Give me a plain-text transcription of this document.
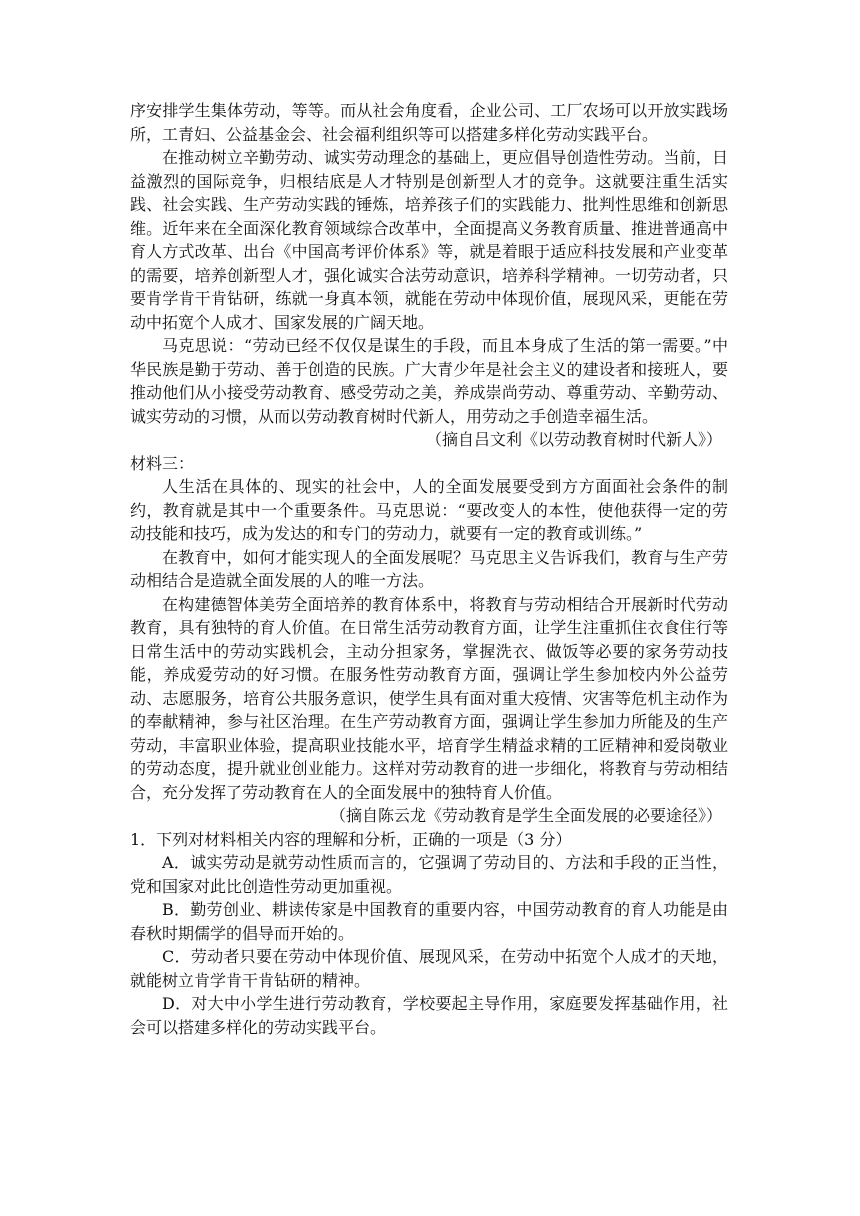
序安排学生集体劳动，等等。而从社会角度看，企业公司、工厂农场可以开放实践场所，工青妇、公益基金会、社会福利组织等可以搭建多样化劳动实践平台。

在推动树立辛勤劳动、诚实劳动理念的基础上，更应倡导创造性劳动。当前，日益激烈的国际竞争，归根结底是人才特别是创新型人才的竞争。这就要注重生活实践、社会实践、生产劳动实践的锤炼，培养孩子们的实践能力、批判性思维和创新思维。近年来在全面深化教育领域综合改革中，全面提高义务教育质量、推进普通高中育人方式改革、出台《中国高考评价体系》等，就是着眼于适应科技发展和产业变革的需要，培养创新型人才，强化诚实合法劳动意识，培养科学精神。一切劳动者，只要肯学肯干肯钻研，练就一身真本领，就能在劳动中体现价值，展现风采，更能在劳动中拓宽个人成才、国家发展的广阔天地。

马克思说：“劳动已经不仅仅是谋生的手段，而且本身成了生活的第一需要。”中华民族是勤于劳动、善于创造的民族。广大青少年是社会主义的建设者和接班人，要推动他们从小接受劳动教育、感受劳动之美，养成崇尚劳动、尊重劳动、辛勤劳动、诚实劳动的习惯，从而以劳动教育树时代新人，用劳动之手创造幸福生活。

（摘自吕文利《以劳动教育树时代新人》）

材料三：

人生活在具体的、现实的社会中，人的全面发展要受到方方面面社会条件的制约，教育就是其中一个重要条件。马克思说：“要改变人的本性，使他获得一定的劳动技能和技巧，成为发达的和专门的劳动力，就要有一定的教育或训练。”

在教育中，如何才能实现人的全面发展呢？马克思主义告诉我们，教育与生产劳动相结合是造就全面发展的人的唯一方法。

在构建德智体美劳全面培养的教育体系中，将教育与劳动相结合开展新时代劳动教育，具有独特的育人价值。在日常生活劳动教育方面，让学生注重抓住衣食住行等日常生活中的劳动实践机会，主动分担家务，掌握洗衣、做饭等必要的家务劳动技能，养成爱劳动的好习惯。在服务性劳动教育方面，强调让学生参加校内外公益劳动、志愿服务，培育公共服务意识，使学生具有面对重大疫情、灾害等危机主动作为的奉献精神，参与社区治理。在生产劳动教育方面，强调让学生参加力所能及的生产劳动，丰富职业体验，提高职业技能水平，培育学生精益求精的工匠精神和爱岗敬业的劳动态度，提升就业创业能力。这样对劳动教育的进一步细化，将教育与劳动相结合，充分发挥了劳动教育在人的全面发展中的独特育人价值。

（摘自陈云龙《劳动教育是学生全面发展的必要途径》）

1．下列对材料相关内容的理解和分析，正确的一项是（3 分）

A．诚实劳动是就劳动性质而言的，它强调了劳动目的、方法和手段的正当性，党和国家对此比创造性劳动更加重视。

B．勤劳创业、耕读传家是中国教育的重要内容，中国劳动教育的育人功能是由春秋时期儒学的倡导而开始的。

C．劳动者只要在劳动中体现价值、展现风采，在劳动中拓宽个人成才的天地，就能树立肯学肯干肯钻研的精神。

D．对大中小学生进行劳动教育，学校要起主导作用，家庭要发挥基础作用，社会可以搭建多样化的劳动实践平台。
